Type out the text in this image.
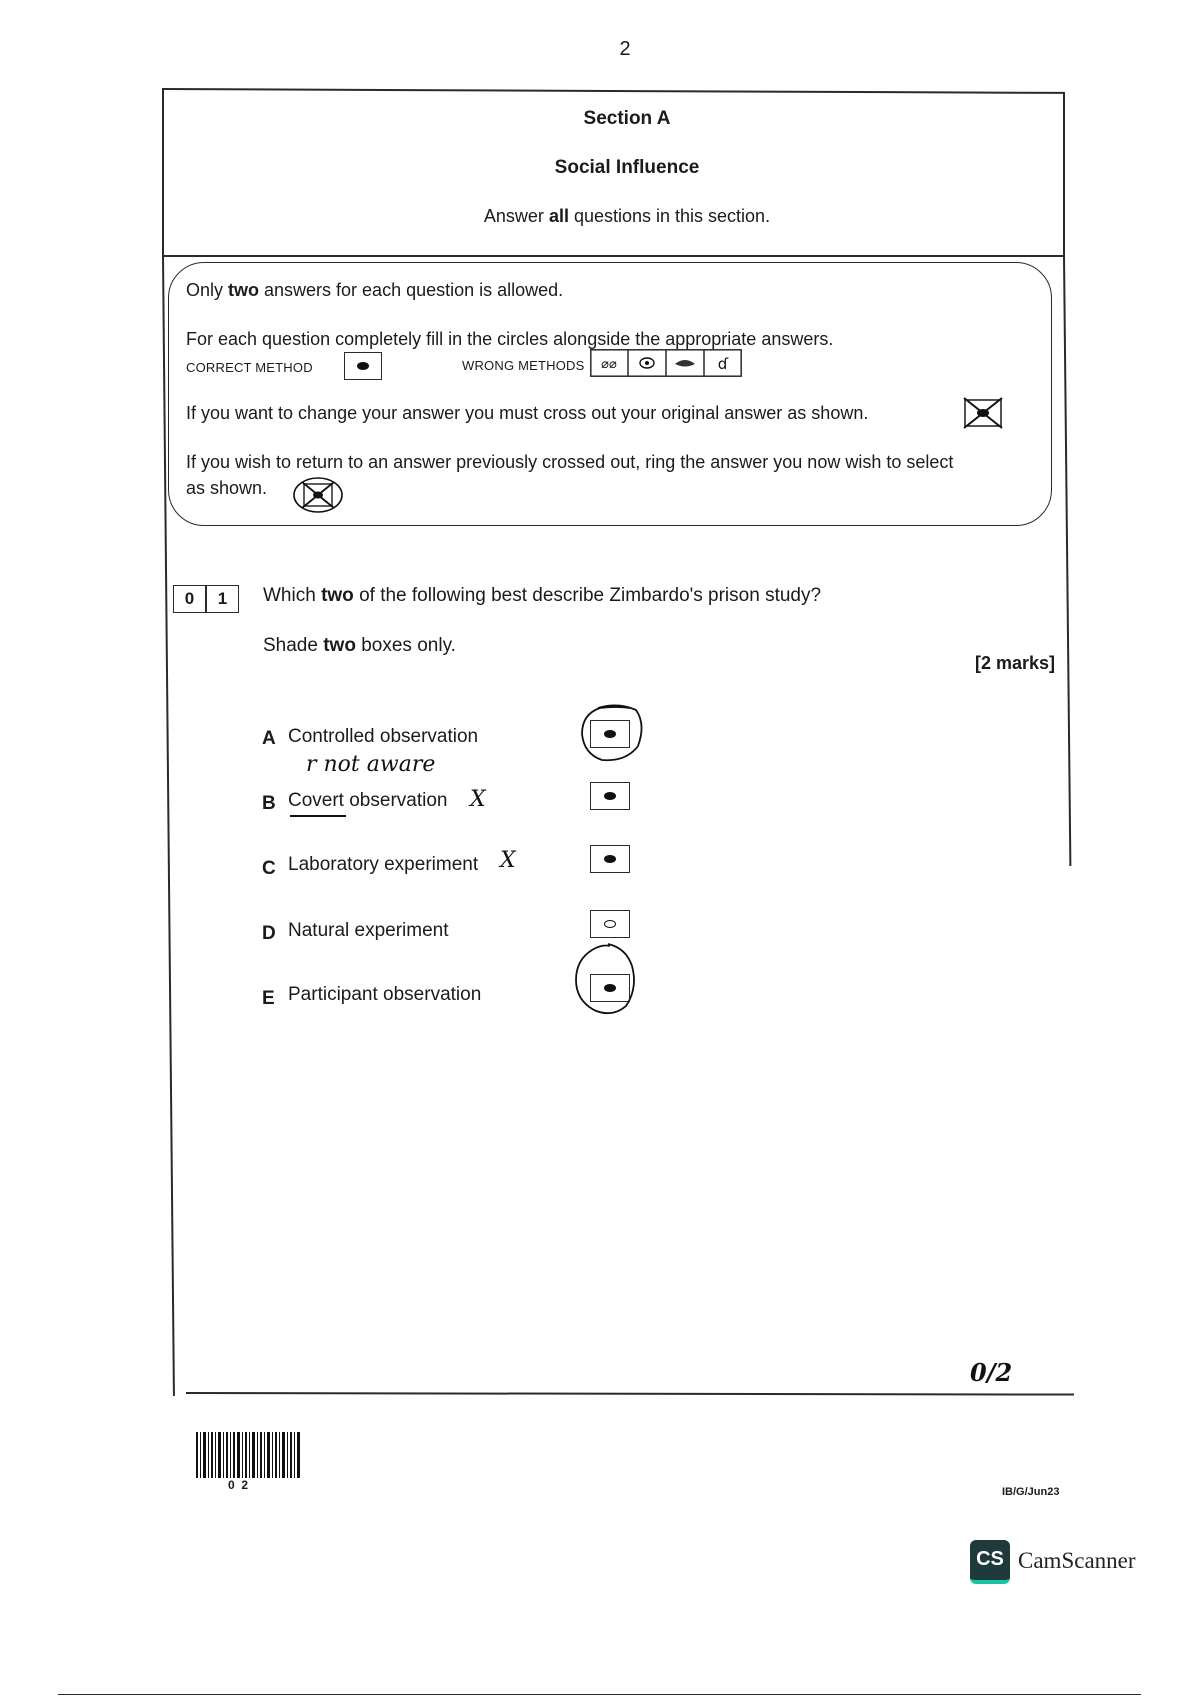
2
Section A
Social Influence
Answer all questions in this section.
Only two answers for each question is allowed.
For each question completely fill in the circles alongside the appropriate answers.
CORRECT METHOD	WRONG METHODS ⌀⌀	ɗ
If you want to change your answer you must cross out your original answer as shown.
If you wish to return to an answer previously crossed out, ring the answer you now wish to select
as shown.
0	1	Which two of the following best describe Zimbardo's prison study?
Shade two boxes only.
[2 marks]
A Controlled observation
B Covert observation
C Laboratory experiment
D Natural experiment
E Participant observation
r not aware
X
X
0/2
0  2	IB/G/Jun23
CS CamScanner
